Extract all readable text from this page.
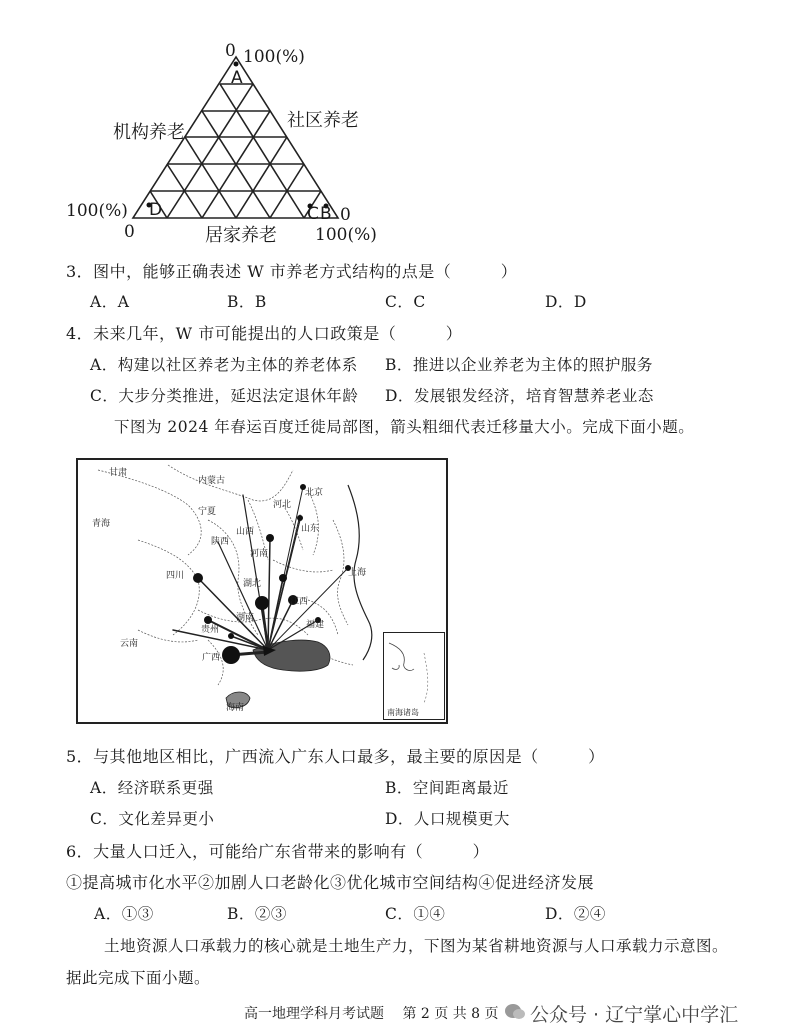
0 100(%)
A
机构养老
社区养老
100(%) D	C B 0
0	居家养老 100(%)
3．图中，能够正确表述 W 市养老方式结构的点是（　　　）
A．A	B．B	C．C	D．D
4．未来几年，W 市可能提出的人口政策是（　　　）
A．构建以社区养老为主体的养老体系 B．推进以企业养老为主体的照护服务
C．大步分类推进，延迟法定退休年龄 D．发展银发经济，培育智慧养老业态
下图为 2024 年春运百度迁徙局部图，箭头粗细代表迁移量大小。完成下面小题。
甘肃
内蒙古
北京
河北
青海
宁夏
山西	山东
陕西
河南
四川
湖北
上海
江西
湖南
贵州	福建
云南
广西
海南	南海诸岛
5．与其他地区相比，广西流入广东人口最多，最主要的原因是（　　　）
A．经济联系更强	B．空间距离最近
C．文化差异更小	D．人口规模更大
6．大量人口迁入，可能给广东省带来的影响有（　　　）
①提高城市化水平②加剧人口老龄化③优化城市空间结构④促进经济发展
A．①③	B．②③	C．①④	D．②④
土地资源人口承载力的核心就是土地生产力，下图为某省耕地资源与人口承载力示意图。
据此完成下面小题。
高一地理学科月考试题　 第 2 页 共 8 页 公众号 · 辽宁掌心中学汇
